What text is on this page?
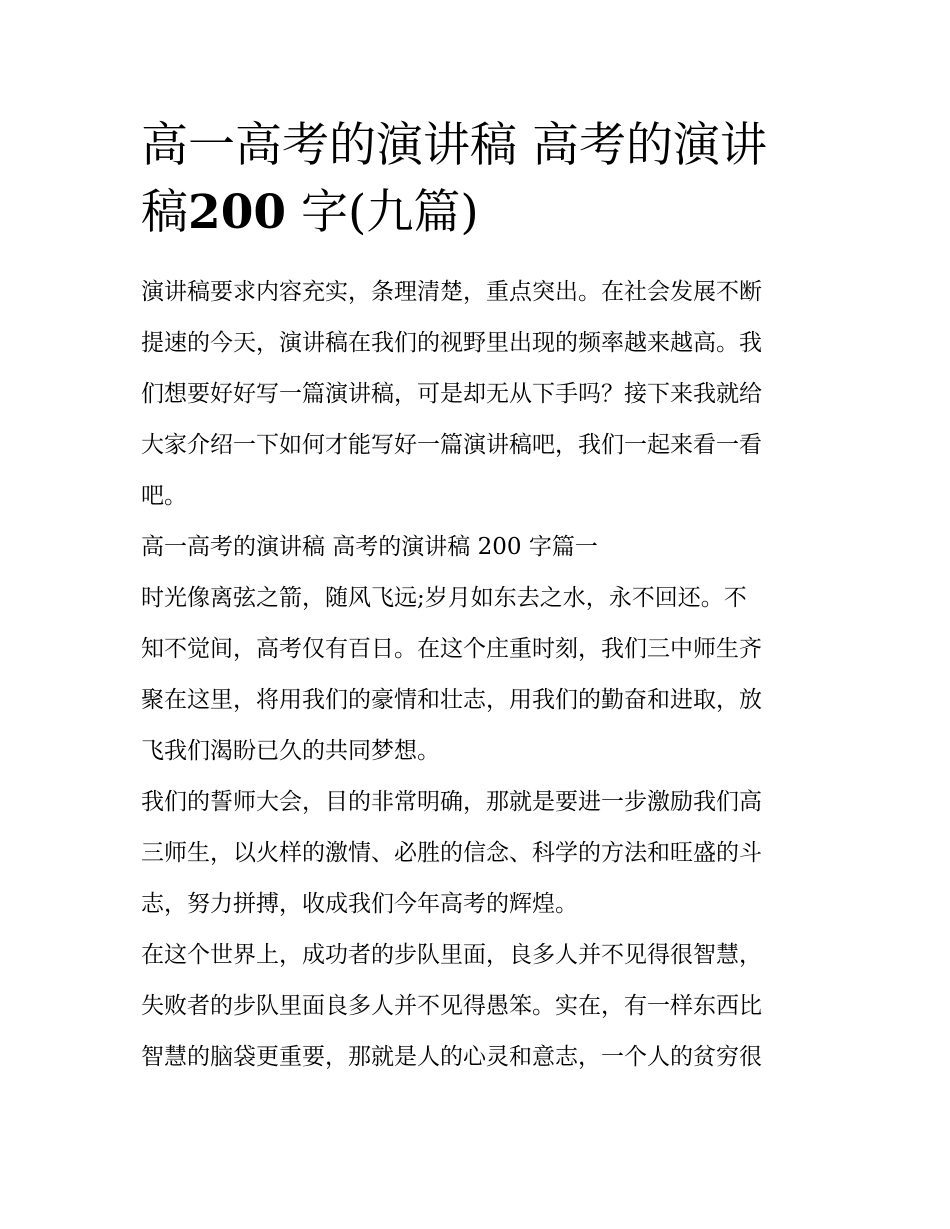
高一高考的演讲稿 高考的演讲
稿200 字(九篇)

演讲稿要求内容充实，条理清楚，重点突出。在社会发展不断
提速的今天，演讲稿在我们的视野里出现的频率越来越高。我
们想要好好写一篇演讲稿，可是却无从下手吗？接下来我就给
大家介绍一下如何才能写好一篇演讲稿吧，我们一起来看一看
吧。

高一高考的演讲稿 高考的演讲稿 200 字篇一

时光像离弦之箭，随风飞远;岁月如东去之水，永不回还。不
知不觉间，高考仅有百日。在这个庄重时刻，我们三中师生齐
聚在这里，将用我们的豪情和壮志，用我们的勤奋和进取，放
飞我们渴盼已久的共同梦想。

我们的誓师大会，目的非常明确，那就是要进一步激励我们高
三师生，以火样的激情、必胜的信念、科学的方法和旺盛的斗
志，努力拼搏，收成我们今年高考的辉煌。

在这个世界上，成功者的步队里面，良多人并不见得很智慧，
失败者的步队里面良多人并不见得愚笨。实在，有一样东西比
智慧的脑袋更重要，那就是人的心灵和意志，一个人的贫穷很
